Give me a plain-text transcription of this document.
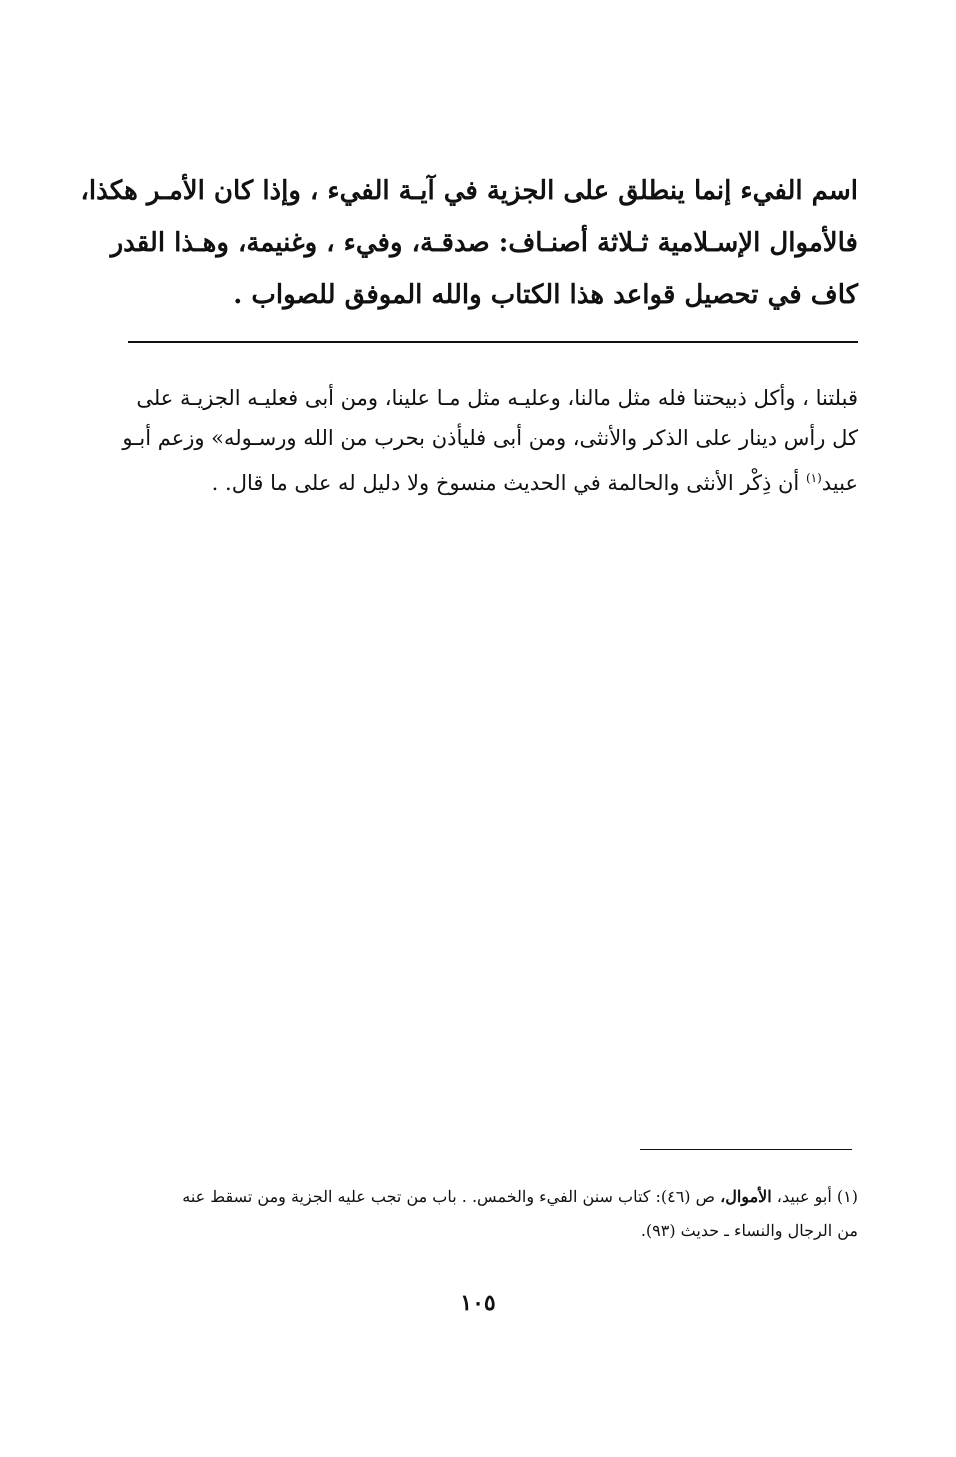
اسم الفيء إنما ينطلق على الجزية في آيـة الفيء ، وإذا كان الأمـر هكذا،
فالأموال الإسـلامية ثـلاثة أصنـاف: صدقـة، وفيء ، وغنيمة، وهـذا القدر
كاف في تحصيل قواعد هذا الكتاب والله الموفق للصواب .
قبلتنا ، وأكل ذبيحتنا فله مثل مالنا، وعليـه مثل مـا علينا، ومن أبى فعليـه الجزيـة على
كل رأس دينار على الذكر والأنثى، ومن أبى فليأذن بحرب من الله ورسـوله» وزعم أبـو
عبيد$^{(١)}$ أن ذِكْر الأنثى والحالمة في الحديث منسوخ ولا دليل له على ما قال. .
(١) أبو عبيد، الأموال، ص (٤٦): كتاب سنن الفيء والخمس. . باب من تجب عليه الجزية ومن تسقط عنه
من الرجال والنساء ـ حديث (٩٣).
١٠٥
